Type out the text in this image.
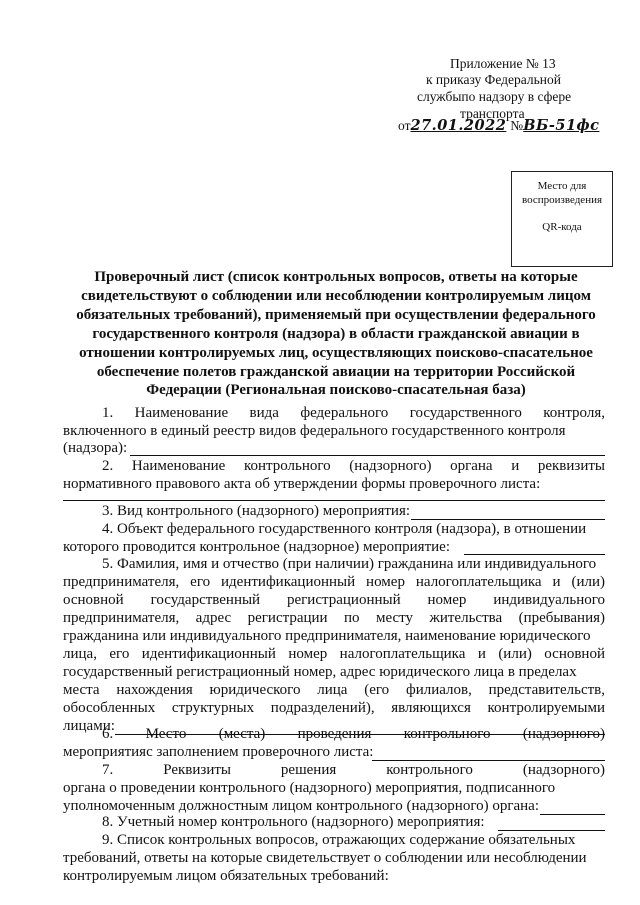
Приложение № 13
к приказу Федеральной
службыпо надзору в сфере
транспорта
от27.01.2022 №ВБ-51фс
Место для
воспроизведения
QR-кода
Проверочный лист (список контрольных вопросов, ответы на которые
свидетельствуют о соблюдении или несоблюдении контролируемым лицом
обязательных требований), применяемый при осуществлении федерального
государственного контроля (надзора) в области гражданской авиации в
отношении контролируемых лиц, осуществляющих поисково-спасательное
обеспечение полетов гражданской авиации на территории Российской
Федерации (Региональная поисково-спасательная база)
1. Наименование вида федерального государственного контроля,
включенного в единый реестр видов федерального государственного контроля
(надзора):
2. Наименование контрольного (надзорного) органа и реквизиты
нормативного правового акта об утверждении формы проверочного листа:
3. Вид контрольного (надзорного) мероприятия:
4. Объект федерального государственного контроля (надзора), в отношении
которого проводится контрольное (надзорное) мероприятие:
5. Фамилия, имя и отчество (при наличии) гражданина или индивидуального
предпринимателя, его идентификационный номер налогоплательщика и (или)
основной государственный регистрационный номер индивидуального
предпринимателя, адрес регистрации по месту жительства (пребывания)
гражданина или индивидуального предпринимателя, наименование юридического
лица, его идентификационный номер налогоплательщика и (или) основной
государственный регистрационный номер, адрес юридического лица в пределах
места нахождения юридического лица (его филиалов, представительств,
обособленных структурных подразделений), являющихся контролируемыми
лицами:
6. Место (места) проведения контрольного (надзорного)
мероприятияс заполнением проверочного листа:
7. Реквизиты решения контрольного (надзорного)
органа о проведении контрольного (надзорного) мероприятия, подписанного
уполномоченным должностным лицом контрольного (надзорного) органа:
8. Учетный номер контрольного (надзорного) мероприятия:
9. Список контрольных вопросов, отражающих содержание обязательных
требований, ответы на которые свидетельствует о соблюдении или несоблюдении
контролируемым лицом обязательных требований:
